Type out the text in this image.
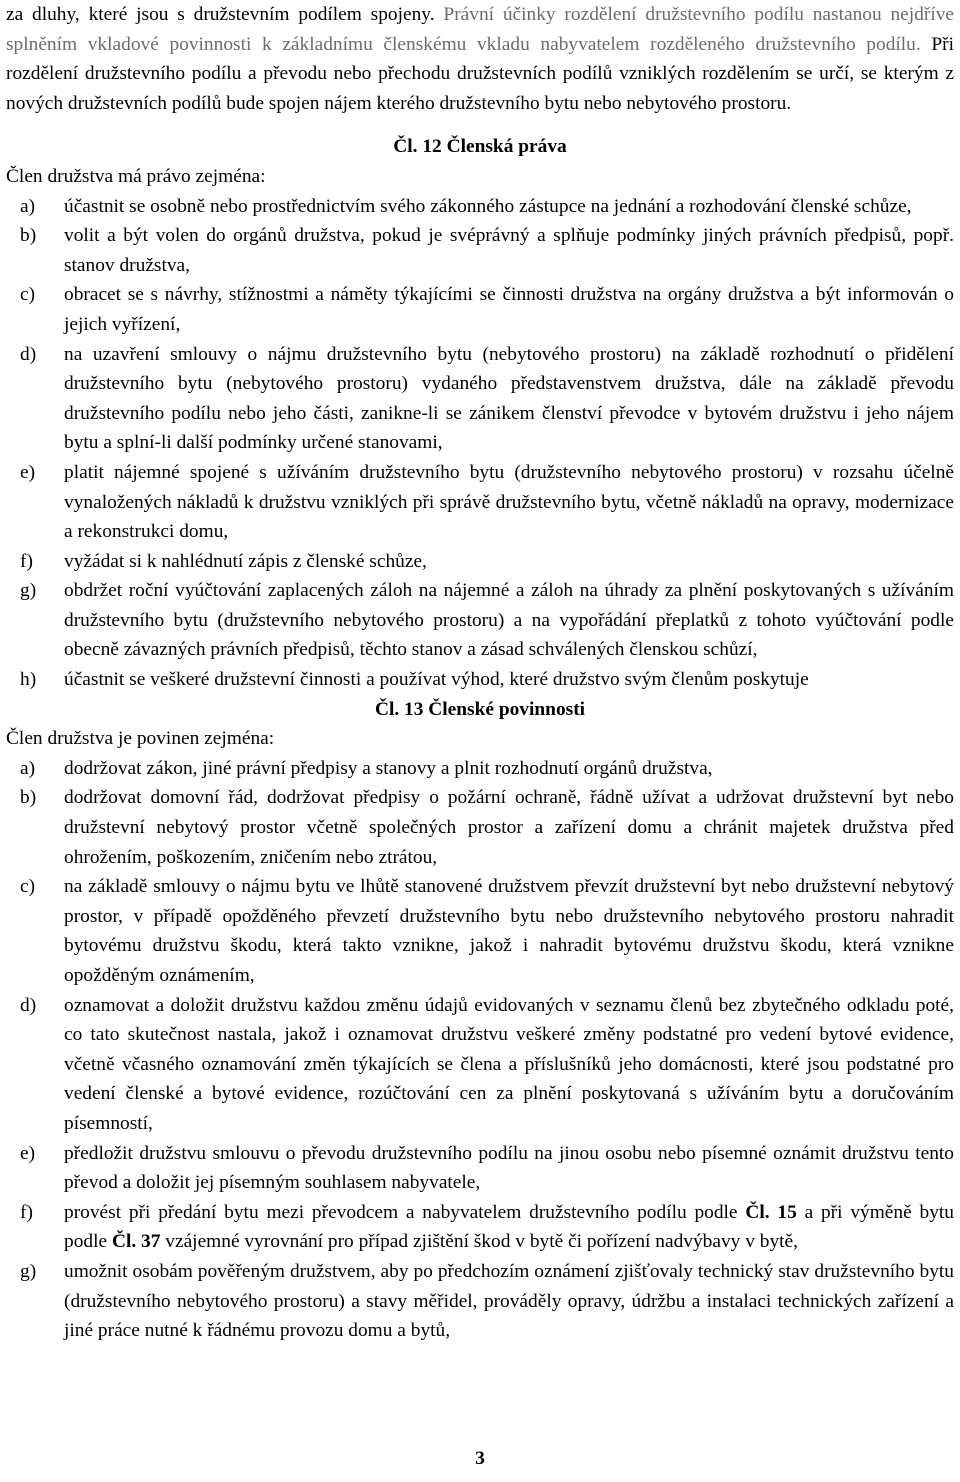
za dluhy, které jsou s družstevním podílem spojeny. Právní účinky rozdělení družstevního podílu nastanou nejdříve splněním vkladové povinnosti k základnímu členskému vkladu nabyvatelem rozděleného družstevního podílu. Při rozdělení družstevního podílu a převodu nebo přechodu družstevních podílů vzniklých rozdělením se určí, se kterým z nových družstevních podílů bude spojen nájem kterého družstevního bytu nebo nebytového prostoru.

Čl. 12 Členská práva

Člen družstva má právo zejména:

a) účastnit se osobně nebo prostřednictvím svého zákonného zástupce na jednání a rozhodování členské schůze,
b) volit a být volen do orgánů družstva, pokud je svéprávný a splňuje podmínky jiných právních předpisů, popř. stanov družstva,
c) obracet se s návrhy, stížnostmi a náměty týkajícími se činnosti družstva na orgány družstva a být informován o jejich vyřízení,
d) na uzavření smlouvy o nájmu družstevního bytu (nebytového prostoru) na základě rozhodnutí o přidělení družstevního bytu (nebytového prostoru) vydaného představenstvem družstva, dále na základě převodu družstevního podílu nebo jeho části, zanikne-li se zánikem členství převodce v bytovém družstvu i jeho nájem bytu a splní-li další podmínky určené stanovami,
e) platit nájemné spojené s užíváním družstevního bytu (družstevního nebytového prostoru) v rozsahu účelně vynaložených nákladů k družstvu vzniklých při správě družstevního bytu, včetně nákladů na opravy, modernizace a rekonstrukci domu,
f) vyžádat si k nahlédnutí zápis z členské schůze,
g) obdržet roční vyúčtování zaplacených záloh na nájemné a záloh na úhrady za plnění poskytovaných s užíváním družstevního bytu (družstevního nebytového prostoru) a na vypořádání přeplatků z tohoto vyúčtování podle obecně závazných právních předpisů, těchto stanov a zásad schválených členskou schůzí,
h) účastnit se veškeré družstevní činnosti a používat výhod, které družstvo svým členům poskytuje

Čl. 13 Členské povinnosti

Člen družstva je povinen zejména:

a) dodržovat zákon, jiné právní předpisy a stanovy a plnit rozhodnutí orgánů družstva,
b) dodržovat domovní řád, dodržovat předpisy o požární ochraně, řádně užívat a udržovat družstevní byt nebo družstevní nebytový prostor včetně společných prostor a zařízení domu a chránit majetek družstva před ohrožením, poškozením, zničením nebo ztrátou,
c) na základě smlouvy o nájmu bytu ve lhůtě stanovené družstvem převzít družstevní byt nebo družstevní nebytový prostor, v případě opožděného převzetí družstevního bytu nebo družstevního nebytového prostoru nahradit bytovému družstvu škodu, která takto vznikne, jakož i nahradit bytovému družstvu škodu, která vznikne opožděným oznámením,
d) oznamovat a doložit družstvu každou změnu údajů evidovaných v seznamu členů bez zbytečného odkladu poté, co tato skutečnost nastala, jakož i oznamovat družstvu veškeré změny podstatné pro vedení bytové evidence, včetně včasného oznamování změn týkajících se člena a příslušníků jeho domácnosti, které jsou podstatné pro vedení členské a bytové evidence, rozúčtování cen za plnění poskytovaná s užíváním bytu a doručováním písemností,
e) předložit družstvu smlouvu o převodu družstevního podílu na jinou osobu nebo písemné oznámit družstvu tento převod a doložit jej písemným souhlasem nabyvatele,
f) provést při předání bytu mezi převodcem a nabyvatelem družstevního podílu podle Čl. 15 a při výměně bytu podle Čl. 37 vzájemné vyrovnání pro případ zjištění škod v bytě či pořízení nadvýbavy v bytě,
g) umožnit osobám pověřeným družstvem, aby po předchozím oznámení zjišťovaly technický stav družstevního bytu (družstevního nebytového prostoru) a stavy měřidel, prováděly opravy, údržbu a instalaci technických zařízení a jiné práce nutné k řádnému provozu domu a bytů,
3
